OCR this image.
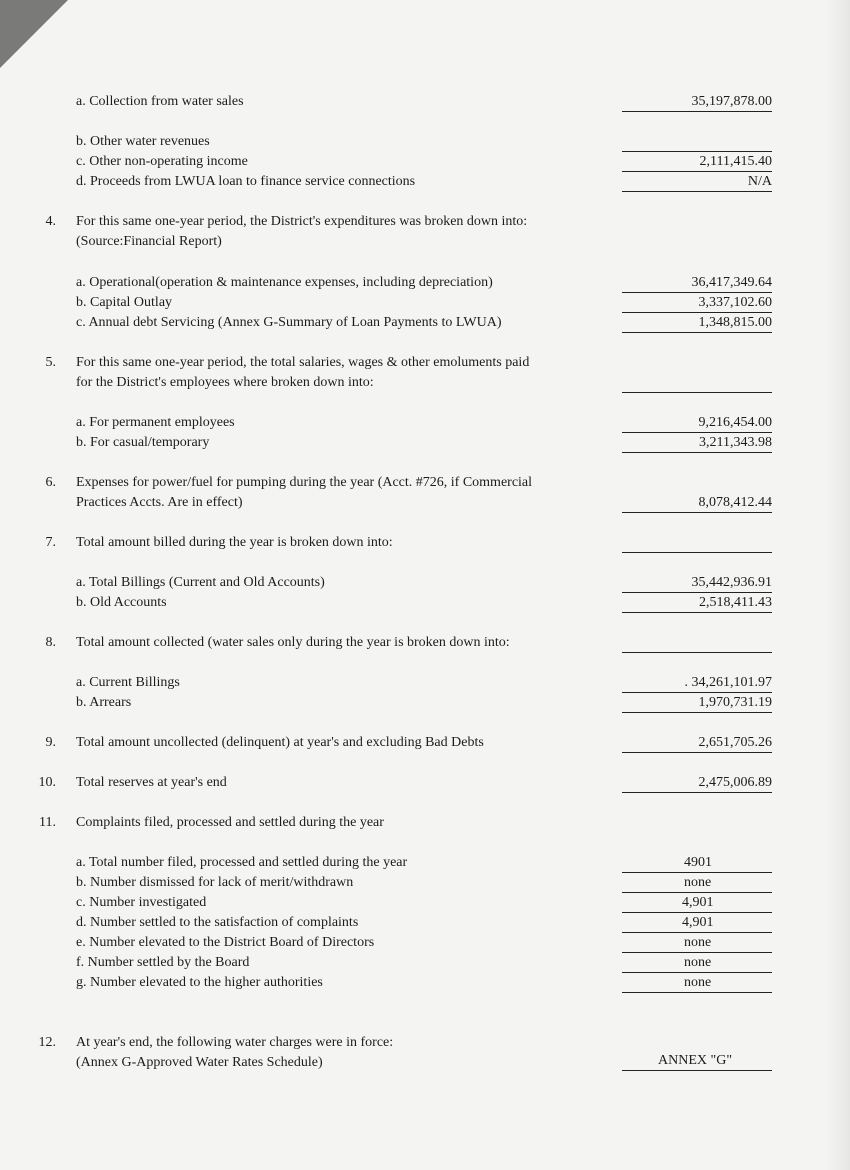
a. Collection from water sales	35,197,878.00
b. Other water revenues
c. Other non-operating income	2,111,415.40
d. Proceeds from LWUA loan to finance service connections	N/A
4. For this same one-year period, the District's expenditures was broken down into:
(Source:Financial Report)
a. Operational(operation & maintenance expenses, including depreciation)	36,417,349.64
b. Capital Outlay	3,337,102.60
c. Annual debt Servicing (Annex G-Summary of Loan Payments to LWUA)	1,348,815.00
5. For this same one-year period, the total salaries, wages & other emoluments paid
for the District's employees where broken down into:
a. For permanent employees	9,216,454.00
b. For casual/temporary	3,211,343.98
6. Expenses for power/fuel for pumping during the year (Acct. #726, if Commercial
Practices Accts. Are in effect)	8,078,412.44
7. Total amount billed during the year is broken down into:
a. Total Billings (Current and Old Accounts)	35,442,936.91
b. Old Accounts	2,518,411.43
8. Total amount collected (water sales only during the year is broken down into:
a. Current Billings	. 34,261,101.97
b. Arrears	1,970,731.19
9. Total amount uncollected (delinquent) at year's and excluding Bad Debts	2,651,705.26
10. Total reserves at year's end	2,475,006.89
11. Complaints filed, processed and settled during the year
a. Total number filed, processed and settled during the year	4901
b. Number dismissed for lack of merit/withdrawn	none
c. Number investigated	4,901
d. Number settled to the satisfaction of complaints	4,901
e. Number elevated to the District Board of Directors	none
f. Number settled by the Board	none
g. Number elevated to the higher authorities	none
12. At year's end, the following water charges were in force:
(Annex G-Approved Water Rates Schedule)	ANNEX "G"
